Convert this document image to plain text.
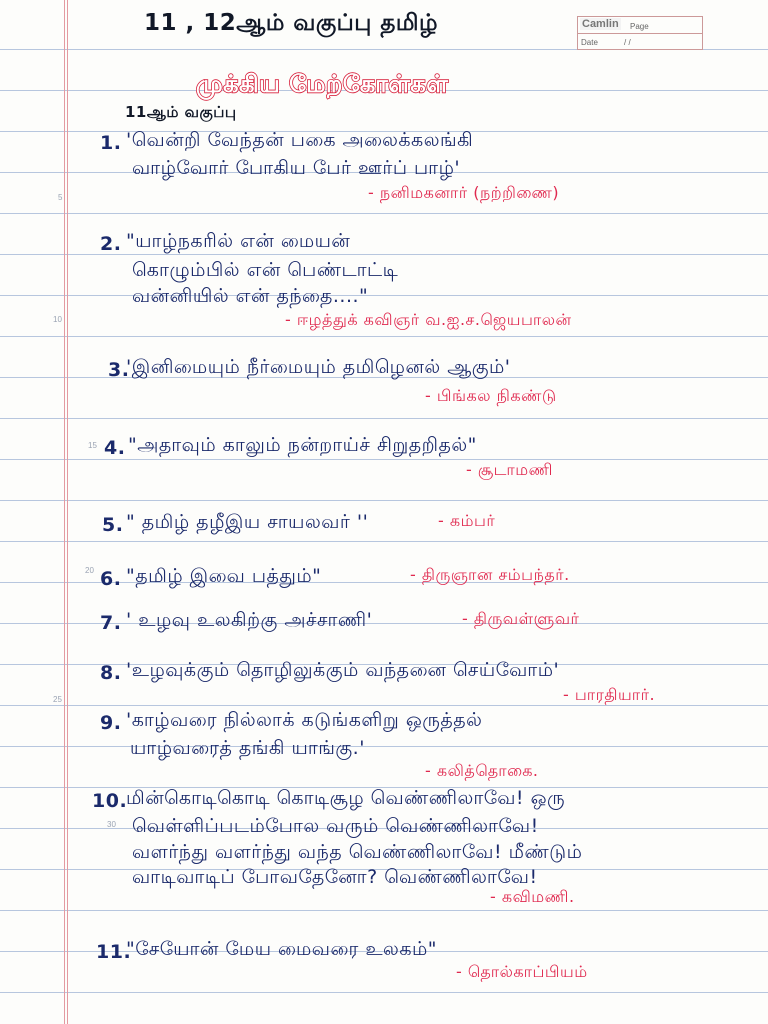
5
10
15
20
25
30
Camlin Page
Date	/ /
11 , 12ஆம் வகுப்பு தமிழ்
முக்கிய மேற்கோள்கள்
11ஆம் வகுப்பு
1. 'வென்றி வேந்தன் பகை அலைக்கலங்கி
வாழ்வோர் போகிய பேர் ஊர்ப் பாழ்'
- நனிமகனார் (நற்றிணை)
2. "யாழ்நகரில் என் மையன்
கொழும்பில் என் பெண்டாட்டி
வன்னியில் என் தந்தை...."
- ஈழத்துக் கவிஞர் வ.ஐ.ச.ஜெயபாலன்
3.
'இனிமையும் நீர்மையும் தமிழெனல் ஆகும்'
- பிங்கல நிகண்டு
4. "அதாவும் காலும் நன்றாய்ச் சிறுதறிதல்"
- சூடாமணி
5. " தமிழ் தழீஇய சாயலவர் ''	- கம்பர்
6. "தமிழ் இவை பத்தும்"	- திருஞான சம்பந்தர்.
7. ' உழவு உலகிற்கு அச்சாணி'	- திருவள்ளுவர்
8. 'உழவுக்கும் தொழிலுக்கும் வந்தனை செய்வோம்'
- பாரதியார்.
9. 'காழ்வரை நில்லாக் கடுங்களிறு ஒருத்தல்
யாழ்வரைத் தங்கி யாங்கு.'
- கலித்தொகை.
10.
மின்கொடிகொடி கொடிசூழ வெண்ணிலாவே! ஒரு
வெள்ளிப்படம்போல வரும் வெண்ணிலாவே!
வளர்ந்து வளர்ந்து வந்த வெண்ணிலாவே! மீண்டும்
வாடிவாடிப் போவதேனோ? வெண்ணிலாவே!
- கவிமணி.
11.
"சேயோன் மேய மைவரை உலகம்"
- தொல்காப்பியம்
